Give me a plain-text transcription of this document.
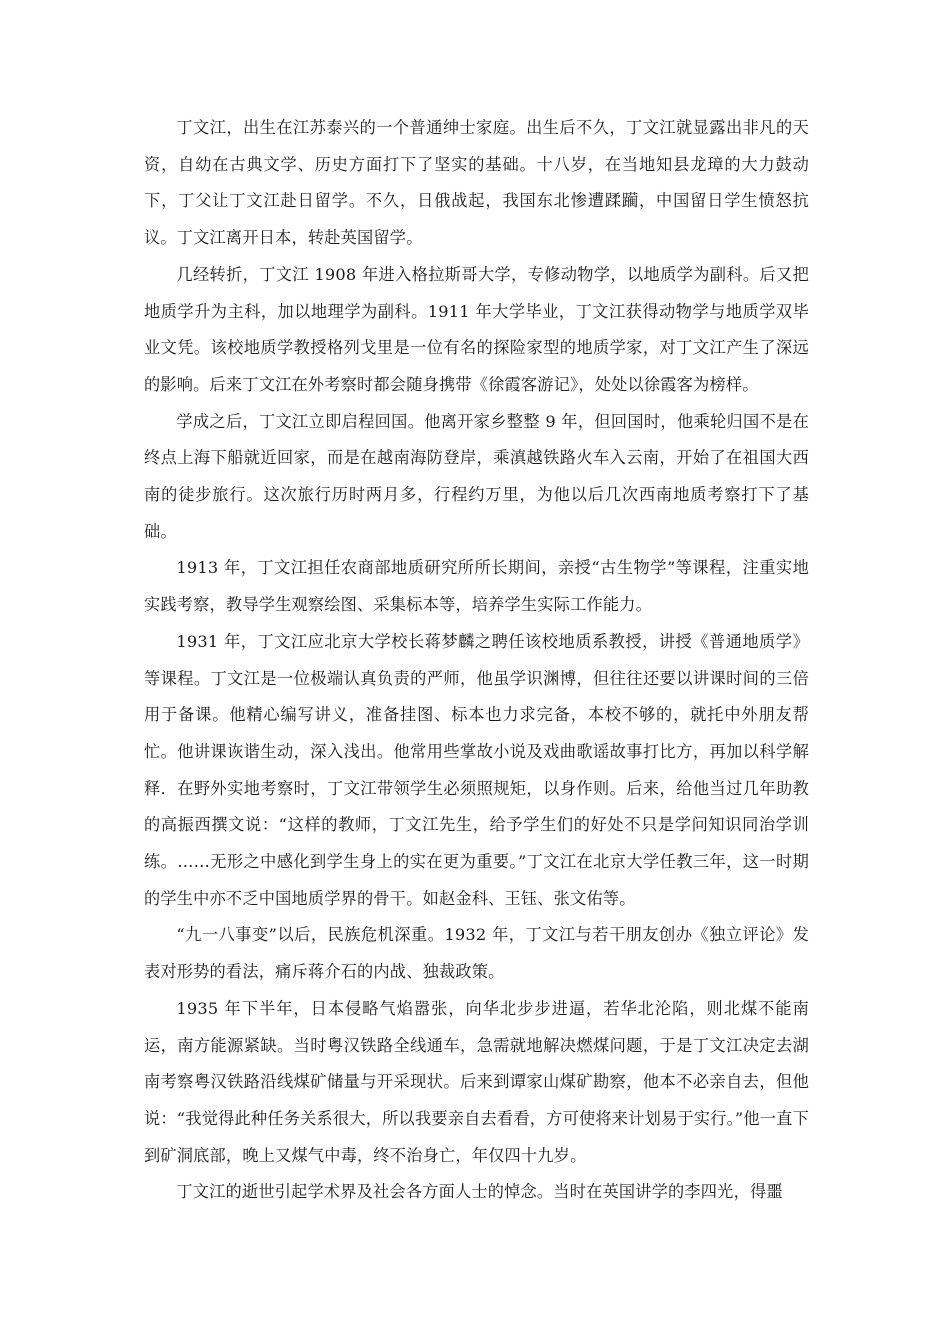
丁文江，出生在江苏泰兴的一个普通绅士家庭。出生后不久，丁文江就显露出非凡的天资，自幼在古典文学、历史方面打下了坚实的基础。十八岁，在当地知县龙璋的大力鼓动下，丁父让丁文江赴日留学。不久，日俄战起，我国东北惨遭蹂躏，中国留日学生愤怒抗议。丁文江离开日本，转赴英国留学。

几经转折，丁文江 1908 年进入格拉斯哥大学，专修动物学，以地质学为副科。后又把地质学升为主科，加以地理学为副科。1911 年大学毕业，丁文江获得动物学与地质学双毕业文凭。该校地质学教授格列戈里是一位有名的探险家型的地质学家，对丁文江产生了深远的影响。后来丁文江在外考察时都会随身携带《徐霞客游记》，处处以徐霞客为榜样。

学成之后，丁文江立即启程回国。他离开家乡整整 9 年，但回国时，他乘轮归国不是在终点上海下船就近回家，而是在越南海防登岸，乘滇越铁路火车入云南，开始了在祖国大西南的徒步旅行。这次旅行历时两月多，行程约万里，为他以后几次西南地质考察打下了基础。

1913 年，丁文江担任农商部地质研究所所长期间，亲授“古生物学”等课程，注重实地实践考察，教导学生观察绘图、采集标本等，培养学生实际工作能力。

1931 年，丁文江应北京大学校长蒋梦麟之聘任该校地质系教授，讲授《普通地质学》等课程。丁文江是一位极端认真负责的严师，他虽学识渊博，但往往还要以讲课时间的三倍用于备课。他精心编写讲义，准备挂图、标本也力求完备，本校不够的，就托中外朋友帮忙。他讲课诙谐生动，深入浅出。他常用些掌故小说及戏曲歌谣故事打比方，再加以科学解释．在野外实地考察时，丁文江带领学生必须照规矩，以身作则。后来，给他当过几年助教的高振西撰文说：“这样的教师，丁文江先生，给予学生们的好处不只是学问知识同治学训练。……无形之中感化到学生身上的实在更为重要。”丁文江在北京大学任教三年，这一时期的学生中亦不乏中国地质学界的骨干。如赵金科、王钰、张文佑等。

“九一八事变”以后，民族危机深重。1932 年，丁文江与若干朋友创办《独立评论》发表对形势的看法，痛斥蒋介石的内战、独裁政策。

1935 年下半年，日本侵略气焰嚣张，向华北步步进逼，若华北沦陷，则北煤不能南运，南方能源紧缺。当时粤汉铁路全线通车，急需就地解决燃煤问题，于是丁文江决定去湖南考察粤汉铁路沿线煤矿储量与开采现状。后来到谭家山煤矿勘察，他本不必亲自去，但他说：“我觉得此种任务关系很大，所以我要亲自去看看，方可使将来计划易于实行。”他一直下到矿洞底部，晚上又煤气中毒，终不治身亡，年仅四十九岁。

丁文江的逝世引起学术界及社会各方面人士的悼念。当时在英国讲学的李四光，得噩
